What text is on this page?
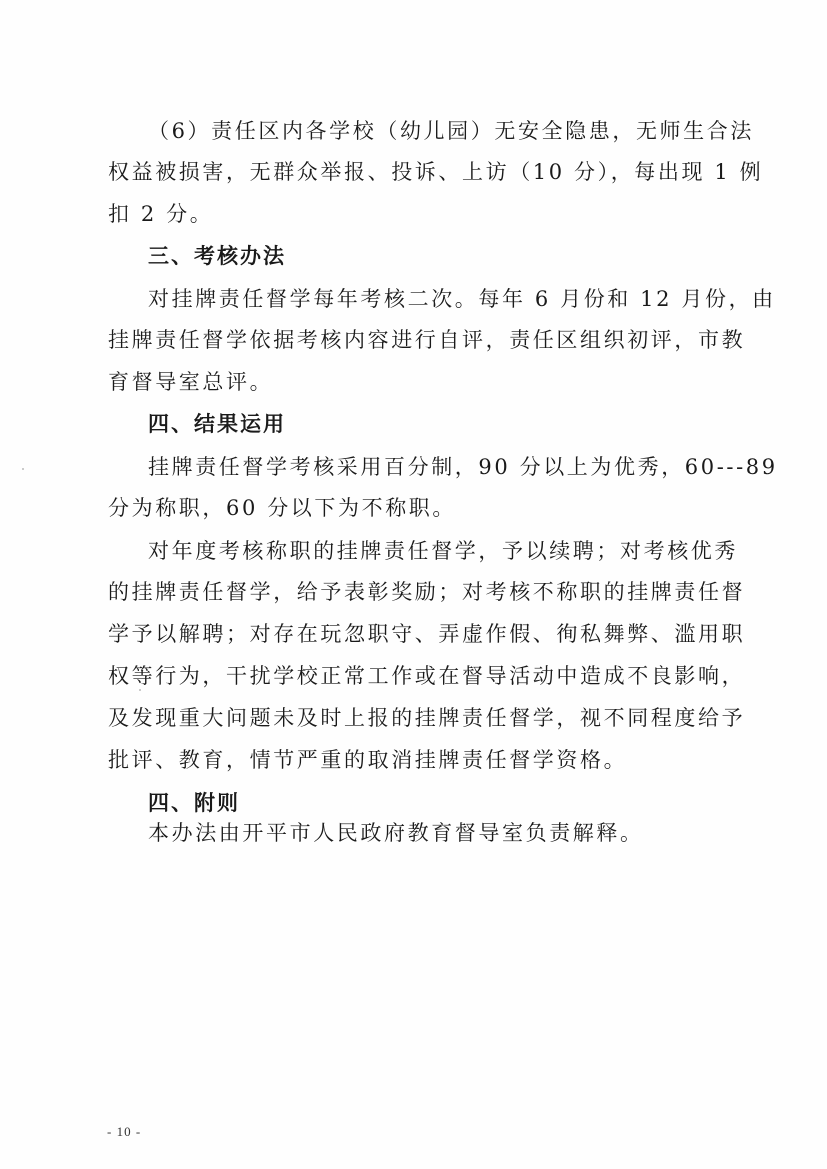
（6）责任区内各学校（幼儿园）无安全隐患，无师生合法
权益被损害，无群众举报、投诉、上访（10 分），每出现 1 例
扣 2 分。
三、考核办法
对挂牌责任督学每年考核二次。每年 6 月份和 12 月份，由
挂牌责任督学依据考核内容进行自评，责任区组织初评，市教
育督导室总评。
四、结果运用
挂牌责任督学考核采用百分制，90 分以上为优秀，60---89
分为称职，60 分以下为不称职。
对年度考核称职的挂牌责任督学，予以续聘；对考核优秀
的挂牌责任督学，给予表彰奖励；对考核不称职的挂牌责任督
学予以解聘；对存在玩忽职守、弄虚作假、徇私舞弊、滥用职
权等行为，干扰学校正常工作或在督导活动中造成不良影响，
及发现重大问题未及时上报的挂牌责任督学，视不同程度给予
批评、教育，情节严重的取消挂牌责任督学资格。
四、附则
本办法由开平市人民政府教育督导室负责解释。
- 10 -
